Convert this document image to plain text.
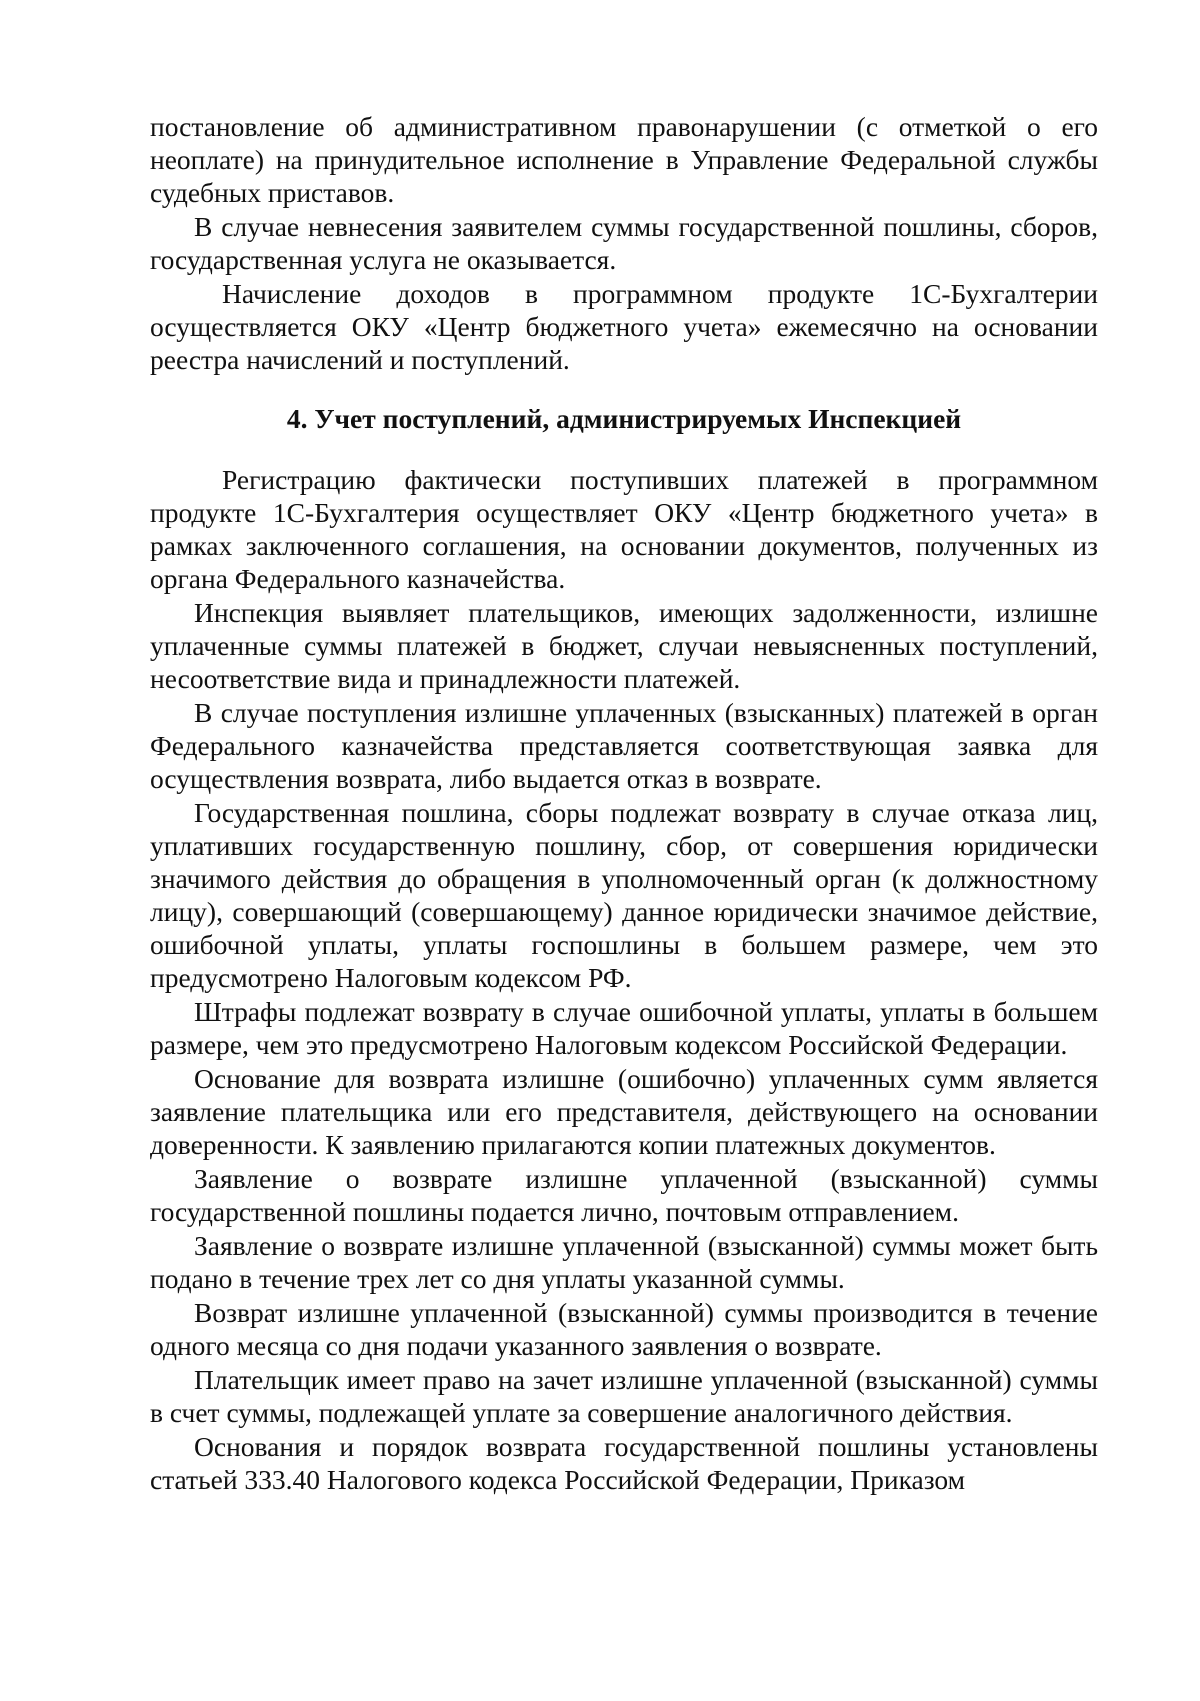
постановление об административном правонарушении (с отметкой о его неоплате) на принудительное исполнение в Управление Федеральной службы судебных приставов.

В случае невнесения заявителем суммы государственной пошлины, сборов, государственная услуга не оказывается.

Начисление доходов в программном продукте 1С-Бухгалтерии осуществляется ОКУ «Центр бюджетного учета» ежемесячно на основании реестра начислений и поступлений.

4. Учет поступлений, администрируемых Инспекцией

Регистрацию фактически поступивших платежей в программном продукте 1С-Бухгалтерия осуществляет ОКУ «Центр бюджетного учета» в рамках заключенного соглашения, на основании документов, полученных из органа Федерального казначейства.

Инспекция выявляет плательщиков, имеющих задолженности, излишне уплаченные суммы платежей в бюджет, случаи невыясненных поступлений, несоответствие вида и принадлежности платежей.

В случае поступления излишне уплаченных (взысканных) платежей в орган Федерального казначейства представляется соответствующая заявка для осуществления возврата, либо выдается отказ в возврате.

Государственная пошлина, сборы подлежат возврату в случае отказа лиц, уплативших государственную пошлину, сбор, от совершения юридически значимого действия до обращения в уполномоченный орган (к должностному лицу), совершающий (совершающему) данное юридически значимое действие, ошибочной уплаты, уплаты госпошлины в большем размере, чем это предусмотрено Налоговым кодексом РФ.

Штрафы подлежат возврату в случае ошибочной уплаты, уплаты в большем размере, чем это предусмотрено Налоговым кодексом Российской Федерации.

Основание для возврата излишне (ошибочно) уплаченных сумм является заявление плательщика или его представителя, действующего на основании доверенности. К заявлению прилагаются копии платежных документов.

Заявление о возврате излишне уплаченной (взысканной) суммы государственной пошлины подается лично, почтовым отправлением.

Заявление о возврате излишне уплаченной (взысканной) суммы может быть подано в течение трех лет со дня уплаты указанной суммы.

Возврат излишне уплаченной (взысканной) суммы производится в течение одного месяца со дня подачи указанного заявления о возврате.

Плательщик имеет право на зачет излишне уплаченной (взысканной) суммы в счет суммы, подлежащей уплате за совершение аналогичного действия.

Основания и порядок возврата государственной пошлины установлены статьей 333.40 Налогового кодекса Российской Федерации, Приказом
